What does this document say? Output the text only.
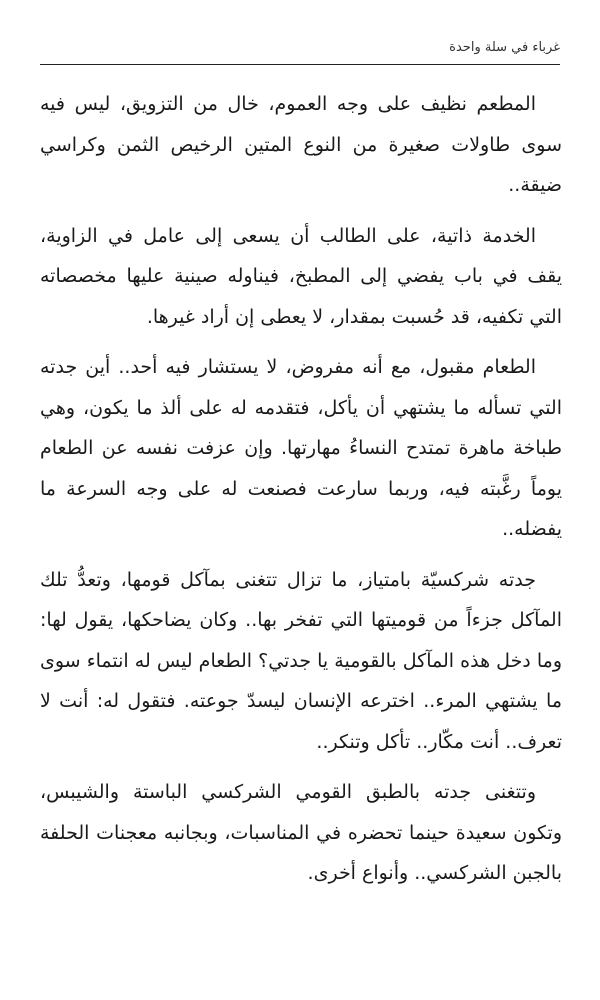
غرباء في سلة واحدة

المطعم نظيف على وجه العموم، خال من التزويق، ليس فيه سوى طاولات صغيرة من النوع المتين الرخيص الثمن وكراسي ضيقة..

الخدمة ذاتية، على الطالب أن يسعى إلى عامل في الزاوية، يقف في باب يفضي إلى المطبخ، فيناوله صينية عليها مخصصاته التي تكفيه، قد حُسبت بمقدار، لا يعطى إن أراد غيرها.

الطعام مقبول، مع أنه مفروض، لا يستشار فيه أحد.. أين جدته التي تسأله ما يشتهي أن يأكل، فتقدمه له على ألذ ما يكون، وهي طباخة ماهرة تمتدح النساءُ مهارتها. وإن عزفت نفسه عن الطعام يوماً رغَّبته فيه، وربما سارعت فصنعت له على وجه السرعة ما يفضله..

جدته شركسيّة بامتياز، ما تزال تتغنى بمآكل قومها، وتعدُّ تلك المآكل جزءاً من قوميتها التي تفخر بها.. وكان يضاحكها، يقول لها: وما دخل هذه المآكل بالقومية يا جدتي؟ الطعام ليس له انتماء سوى ما يشتهي المرء.. اخترعه الإنسان ليسدّ جوعته. فتقول له: أنت لا تعرف.. أنت مكّار.. تأكل وتنكر..

وتتغنى جدته بالطبق القومي الشركسي الباستة والشيبس، وتكون سعيدة حينما تحضره في المناسبات، وبجانبه معجنات الحلفة بالجبن الشركسي.. وأنواع أخرى.
